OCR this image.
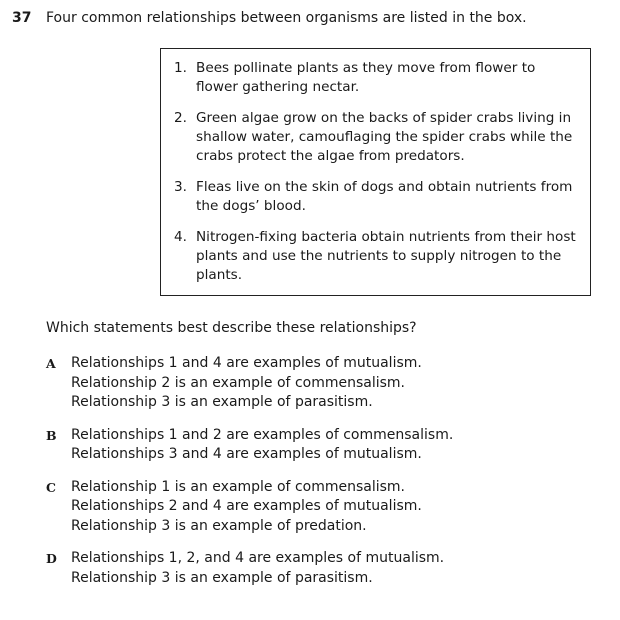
37 Four common relationships between organisms are listed in the box.
1. Bees pollinate plants as they move from flower to flower gathering nectar.
2. Green algae grow on the backs of spider crabs living in shallow water, camouflaging the spider crabs while the crabs protect the algae from predators.
3. Fleas live on the skin of dogs and obtain nutrients from the dogs’ blood.
4. Nitrogen-fixing bacteria obtain nutrients from their host plants and use the nutrients to supply nitrogen to the plants.
Which statements best describe these relationships?
A	Relationships 1 and 4 are examples of mutualism.
Relationship 2 is an example of commensalism.
Relationship 3 is an example of parasitism.
B	Relationships 1 and 2 are examples of commensalism.
Relationships 3 and 4 are examples of mutualism.
C	Relationship 1 is an example of commensalism.
Relationships 2 and 4 are examples of mutualism.
Relationship 3 is an example of predation.
D	Relationships 1, 2, and 4 are examples of mutualism.
Relationship 3 is an example of parasitism.
